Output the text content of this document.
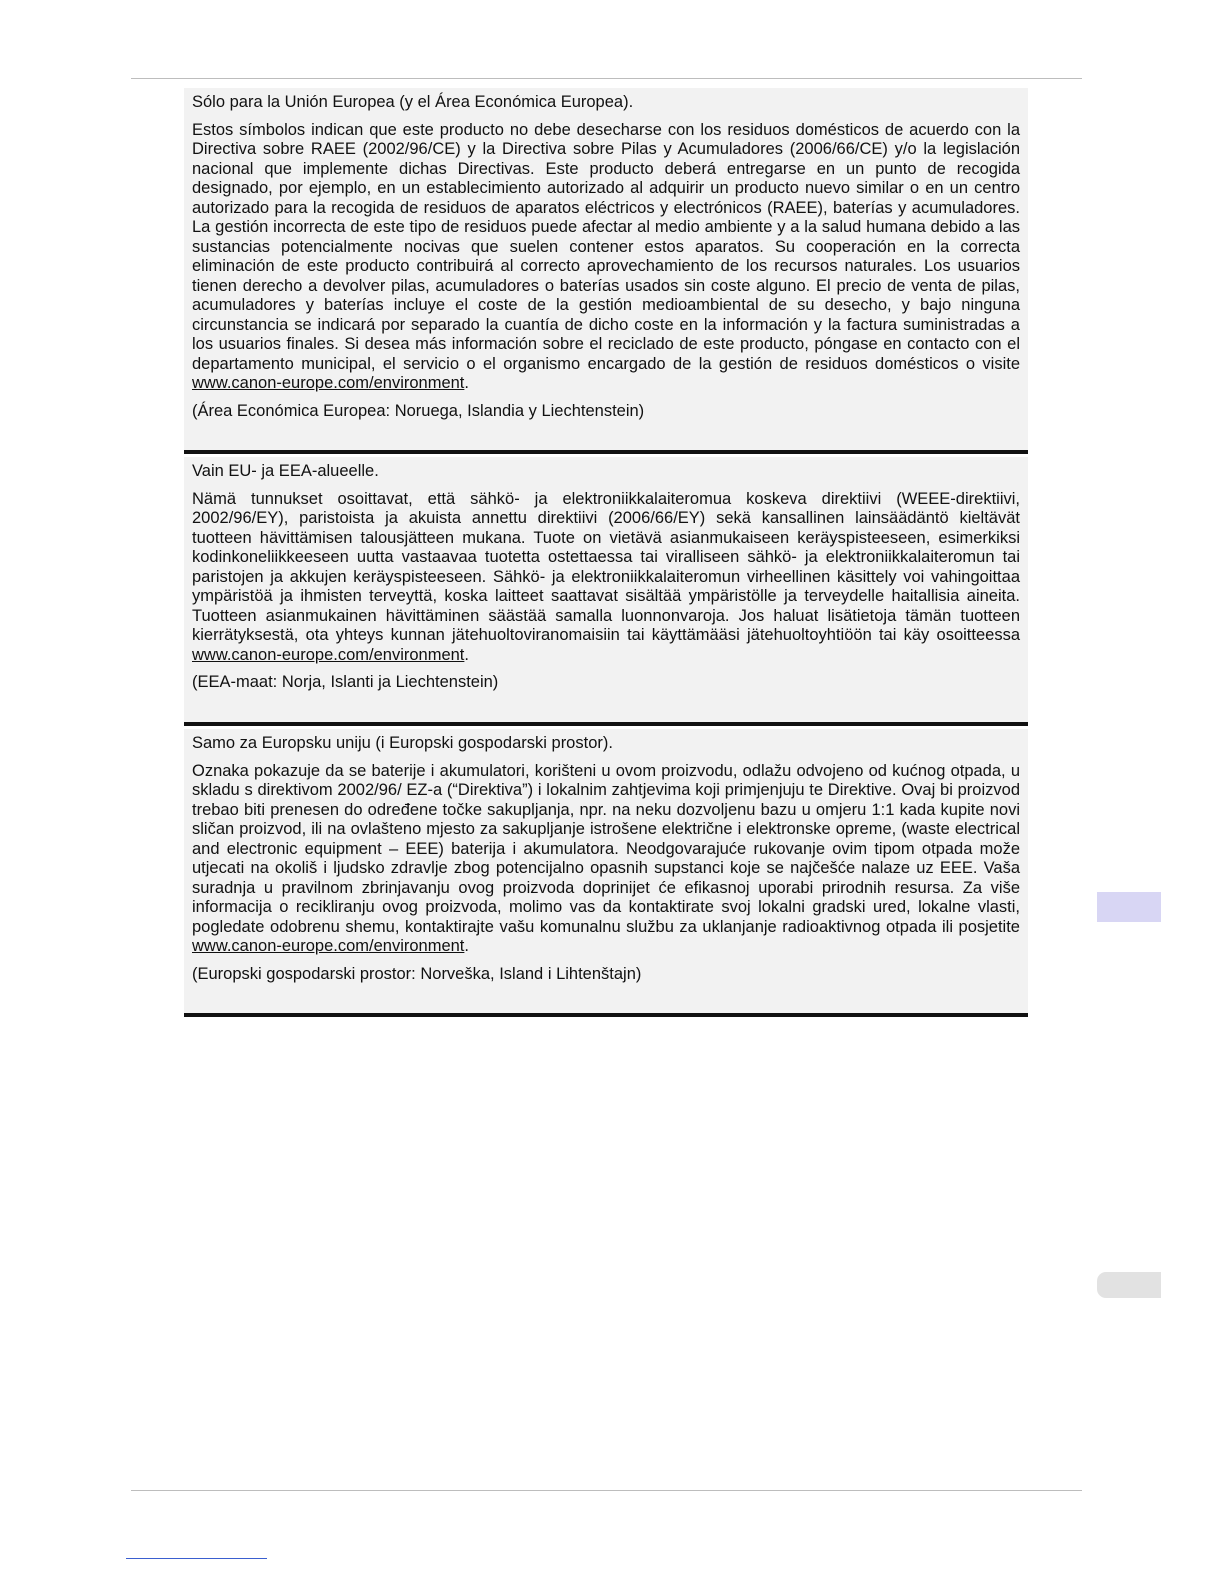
Sólo para la Unión Europea (y el Área Económica Europea).

Estos símbolos indican que este producto no debe desecharse con los residuos domésticos de acuerdo con la Directiva sobre RAEE (2002/96/CE) y la Directiva sobre Pilas y Acumuladores (2006/66/CE) y/o la legislación nacional que implemente dichas Directivas. Este producto deberá entregarse en un punto de recogida designado, por ejemplo, en un establecimiento autorizado al adquirir un producto nuevo similar o en un centro autorizado para la recogida de residuos de aparatos eléctricos y electrónicos (RAEE), baterías y acumuladores. La gestión incorrecta de este tipo de residuos puede afectar al medio ambiente y a la salud humana debido a las sustancias potencialmente nocivas que suelen contener estos aparatos. Su cooperación en la correcta eliminación de este producto contribuirá al correcto aprovechamiento de los recursos naturales. Los usuarios tienen derecho a devolver pilas, acumuladores o baterías usados sin coste alguno. El precio de venta de pilas, acumuladores y baterías incluye el coste de la gestión medioambiental de su desecho, y bajo ninguna circunstancia se indicará por separado la cuantía de dicho coste en la información y la factura suministradas a los usuarios finales. Si desea más información sobre el reciclado de este producto, póngase en contacto con el departamento municipal, el servicio o el organismo encargado de la gestión de residuos domésticos o visite www.canon-europe.com/environment.

(Área Económica Europea: Noruega, Islandia y Liechtenstein)

Vain EU- ja EEA-alueelle.

Nämä tunnukset osoittavat, että sähkö- ja elektroniikkalaiteromua koskeva direktiivi (WEEE-direktiivi, 2002/96/EY), paristoista ja akuista annettu direktiivi (2006/66/EY) sekä kansallinen lainsäädäntö kieltävät tuotteen hävittämisen talousjätteen mukana. Tuote on vietävä asianmukaiseen keräyspisteeseen, esimerkiksi kodinkoneliikkeeseen uutta vastaavaa tuotetta ostettaessa tai viralliseen sähkö- ja elektroniikkalaiteromun tai paristojen ja akkujen keräyspisteeseen. Sähkö- ja elektroniikkalaiteromun virheellinen käsittely voi vahingoittaa ympäristöä ja ihmisten terveyttä, koska laitteet saattavat sisältää ympäristölle ja terveydelle haitallisia aineita. Tuotteen asianmukainen hävittäminen säästää samalla luonnonvaroja. Jos haluat lisätietoja tämän tuotteen kierrätyksestä, ota yhteys kunnan jätehuoltoviranomaisiin tai käyttämääsi jätehuoltoyhtiöön tai käy osoitteessa www.canon-europe.com/environment.

(EEA-maat: Norja, Islanti ja Liechtenstein)

Samo za Europsku uniju (i Europski gospodarski prostor).

Oznaka pokazuje da se baterije i akumulatori, korišteni u ovom proizvodu, odlažu odvojeno od kućnog otpada, u skladu s direktivom 2002/96/ EZ-a (“Direktiva”) i lokalnim zahtjevima koji primjenjuju te Direktive. Ovaj bi proizvod trebao biti prenesen do određene točke sakupljanja, npr. na neku dozvoljenu bazu u omjeru 1:1 kada kupite novi sličan proizvod, ili na ovlašteno mjesto za sakupljanje istrošene električne i elektronske opreme, (waste electrical and electronic equipment – EEE) baterija i akumulatora. Neodgovarajuće rukovanje ovim tipom otpada može utjecati na okoliš i ljudsko zdravlje zbog potencijalno opasnih supstanci koje se najčešće nalaze uz EEE. Vaša suradnja u pravilnom zbrinjavanju ovog proizvoda doprinijet će efikasnoj uporabi prirodnih resursa. Za više informacija o recikliranju ovog proizvoda, molimo vas da kontaktirate svoj lokalni gradski ured, lokalne vlasti, pogledate odobrenu shemu, kontaktirajte vašu komunalnu službu za uklanjanje radioaktivnog otpada ili posjetite www.canon-europe.com/environment.

(Europski gospodarski prostor: Norveška, Island i Lihtenštajn)
